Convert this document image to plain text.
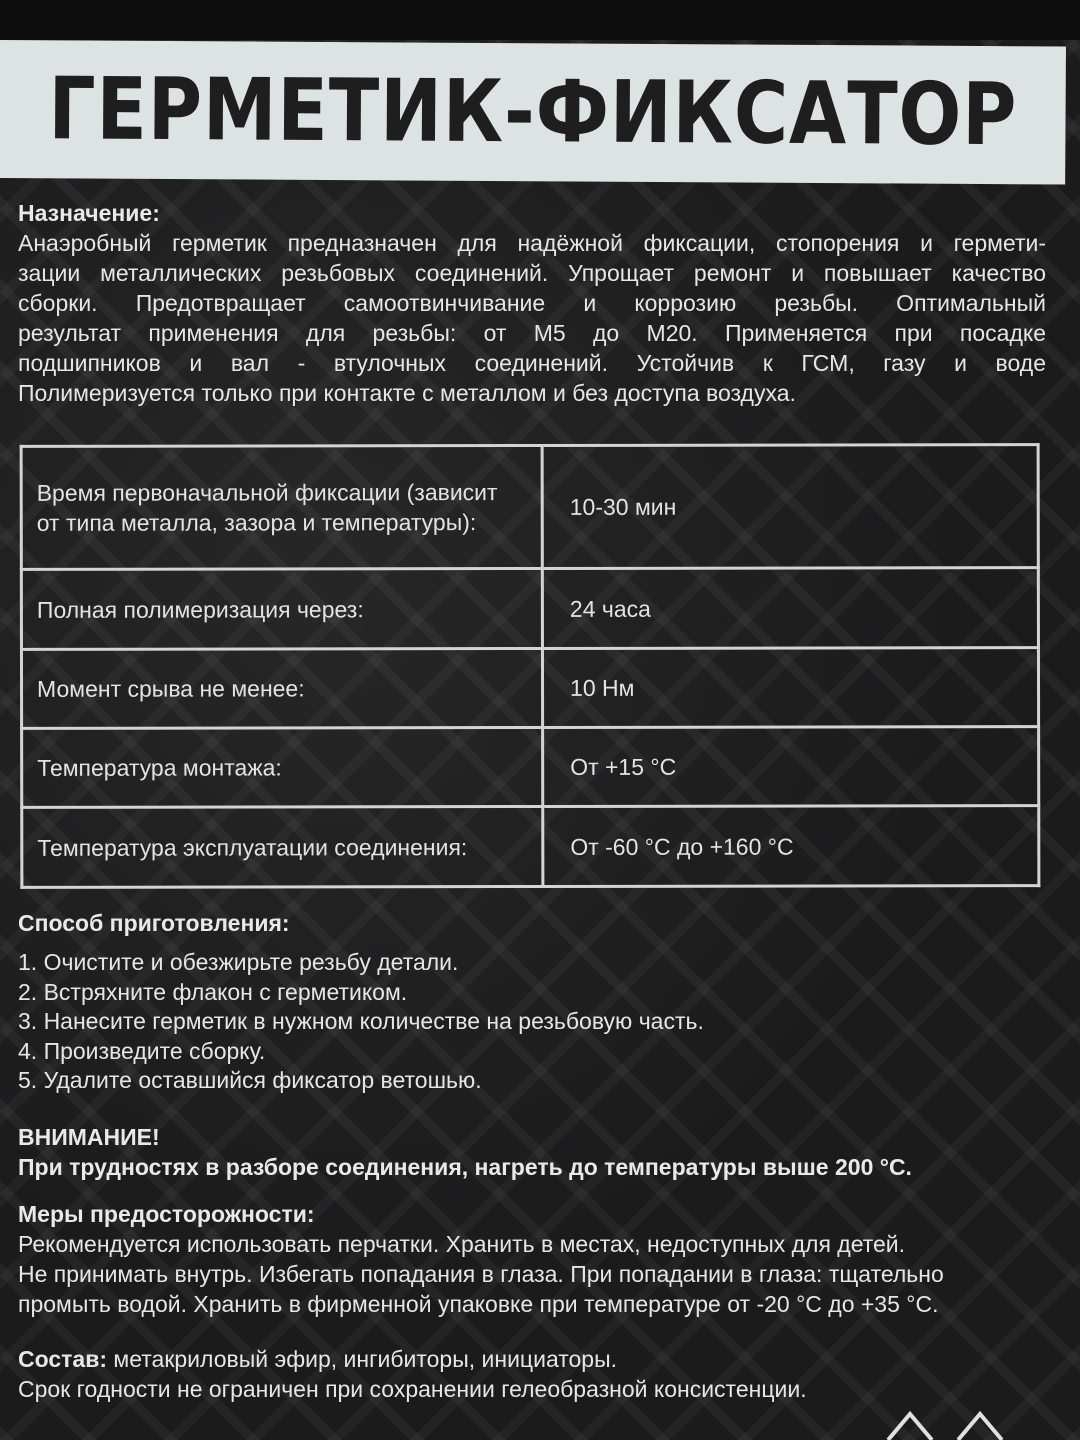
ГЕРМЕТИК-ФИКСАТОР
Назначение:

Анаэробный герметик предназначен для надёжной фиксации, стопорения и гермети-

зации металлических резьбовых соединений. Упрощает ремонт и повышает качество

сборки. Предотвращает самоотвинчивание и коррозию резьбы. Оптимальный

результат применения для резьбы: от М5 до М20. Применяется при посадке

подшипников и вал - втулочных соединений. Устойчив к ГСМ, газу и воде

Полимеризуется только при контакте с металлом и без доступа воздуха.

Время первоначальной фиксации (зависит от типа металла, зазора и температуры):	10-30 мин
Полная полимеризация через:	24 часа
Момент срыва не менее:	10 Нм
Температура монтажа:	От +15 °С
Температура эксплуатации соединения:	От -60 °С до +160 °С
Способ приготовления:
1. Очистите и обезжирьте резьбу детали.
2. Встряхните флакон с герметиком.
3. Нанесите герметик в нужном количестве на резьбовую часть.
4. Произведите сборку.
5. Удалите оставшийся фиксатор ветошью.
ВНИМАНИЕ!
При трудностях в разборе соединения, нагреть до температуры выше 200 °С.
Меры предосторожности:
Рекомендуется использовать перчатки. Хранить в местах, недоступных для детей.
Не принимать внутрь. Избегать попадания в глаза. При попадании в глаза: тщательно
промыть водой. Хранить в фирменной упаковке при температуре от -20 °С до +35 °С.
Состав: метакриловый эфир, ингибиторы, инициаторы.
Срок годности не ограничен при сохранении гелеобразной консистенции.
